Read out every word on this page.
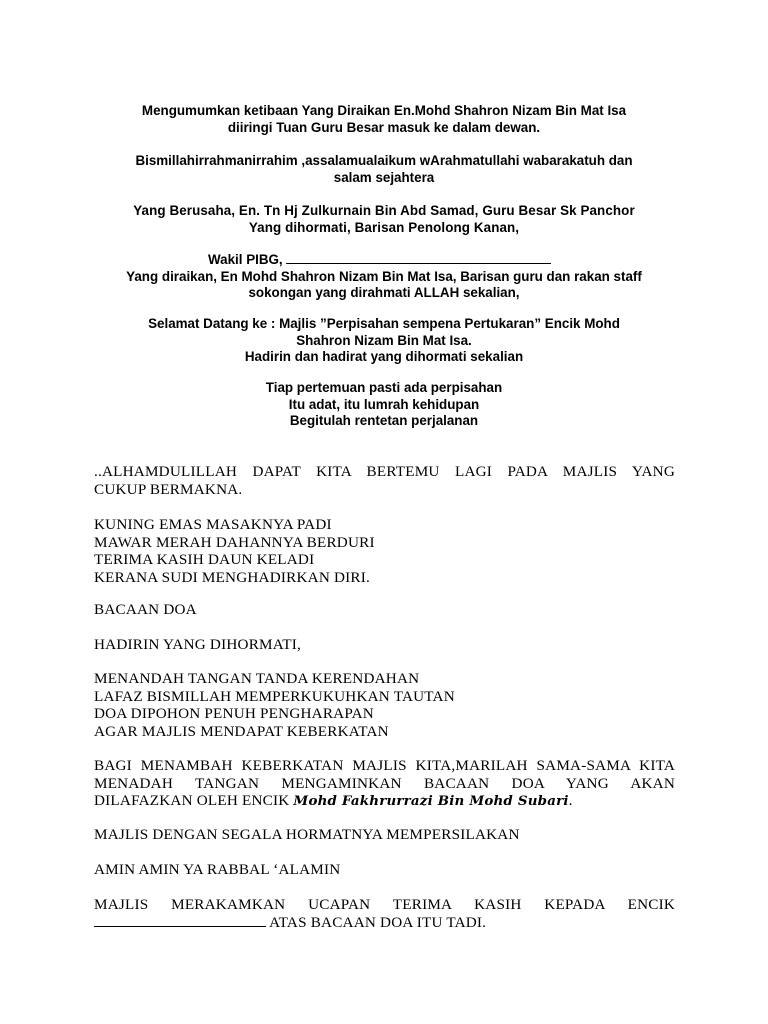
Mengumumkan ketibaan Yang Diraikan En.Mohd Shahron Nizam Bin Mat Isa

diiringi Tuan Guru Besar masuk ke dalam dewan.

Bismillahirrahmanirrahim ,assalamualaikum wArahmatullahi wabarakatuh dan

salam sejahtera

Yang Berusaha, En. Tn Hj Zulkurnain Bin Abd Samad, Guru Besar Sk Panchor

Yang dihormati, Barisan Penolong Kanan,

Wakil PIBG,

Yang diraikan, En Mohd Shahron Nizam Bin Mat Isa, Barisan guru dan rakan staff

sokongan yang dirahmati ALLAH sekalian,

Selamat Datang ke : Majlis ”Perpisahan sempena Pertukaran” Encik Mohd

Shahron Nizam Bin Mat Isa.

Hadirin dan hadirat yang dihormati sekalian

Tiap pertemuan pasti ada perpisahan

Itu adat, itu lumrah kehidupan

Begitulah rentetan perjalanan

..ALHAMDULILLAH DAPAT KITA BERTEMU LAGI PADA MAJLIS YANG

CUKUP BERMAKNA.

KUNING EMAS MASAKNYA PADI

MAWAR MERAH DAHANNYA BERDURI

TERIMA KASIH DAUN KELADI

KERANA SUDI MENGHADIRKAN DIRI.

BACAAN DOA

HADIRIN YANG DIHORMATI,

MENANDAH TANGAN TANDA KERENDAHAN

LAFAZ BISMILLAH MEMPERKUKUHKAN TAUTAN

DOA DIPOHON PENUH PENGHARAPAN

AGAR MAJLIS MENDAPAT KEBERKATAN

BAGI MENAMBAH KEBERKATAN MAJLIS KITA,MARILAH SAMA-SAMA KITA

MENADAH TANGAN MENGAMINKAN BACAAN DOA YANG AKAN

DILAFAZKAN OLEH ENCIK Mohd Fakhrurrazi Bin Mohd Subari.

MAJLIS DENGAN SEGALA HORMATNYA MEMPERSILAKAN

AMIN AMIN YA RABBAL ‘ALAMIN

MAJLIS MERAKAMKAN UCAPAN TERIMA KASIH KEPADA ENCIK

ATAS BACAAN DOA ITU TADI.
